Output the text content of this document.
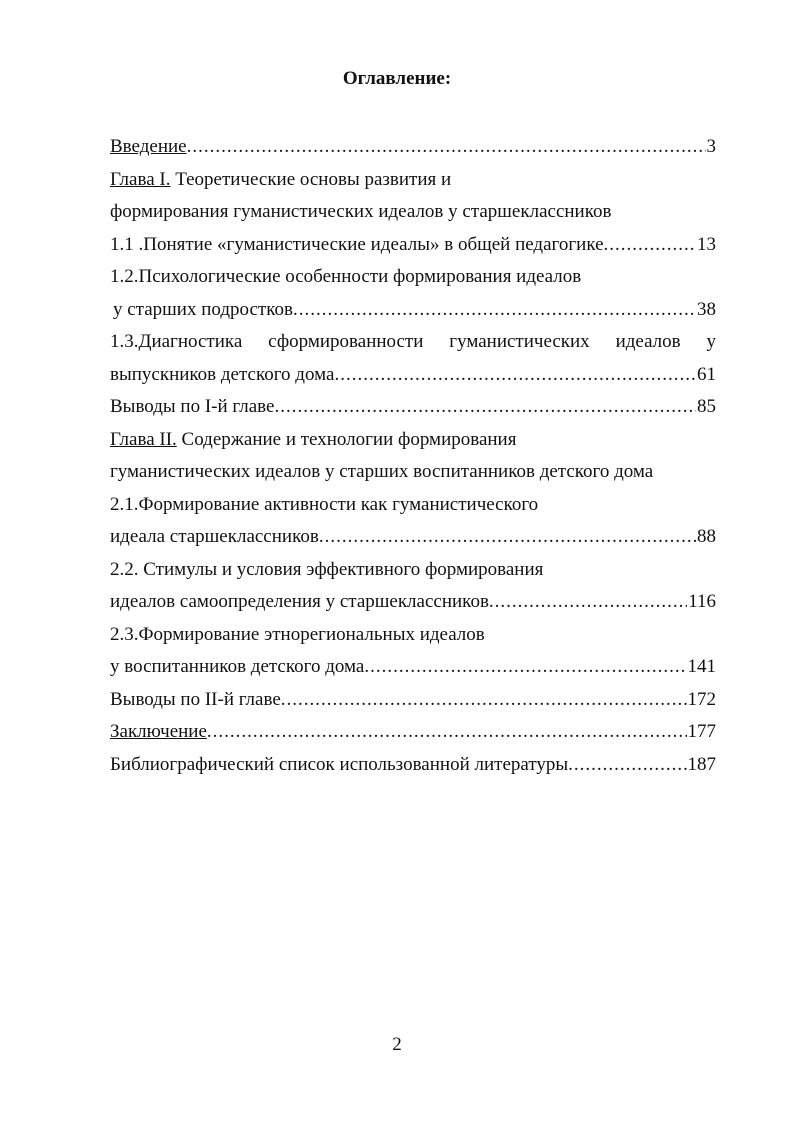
Оглавление:
Введение .....	3
Глава I. Теоретические основы развития и
формирования гуманистических идеалов у старшеклассников
1.1 .Понятие «гуманистические идеалы» в общей педагогике .....	13
1.2.Психологические особенности формирования идеалов
у старших подростков .....	38
1.3.Диагностика сформированности гуманистических идеалов у
выпускников детского дома .....	61
Выводы по I-й главе .....	85
Глава II. Содержание и технологии формирования
гуманистических идеалов у старших воспитанников детского дома
2.1.Формирование активности как гуманистического
идеала старшеклассников .....	88
2.2. Стимулы и условия эффективного формирования
идеалов самоопределения у старшеклассников .....	116
2.3.Формирование этнорегиональных идеалов
у воспитанников детского дома .....	141
Выводы по II-й главе .....	172
Заключение .....	177
Библиографический список использованной литературы .....	187
2
